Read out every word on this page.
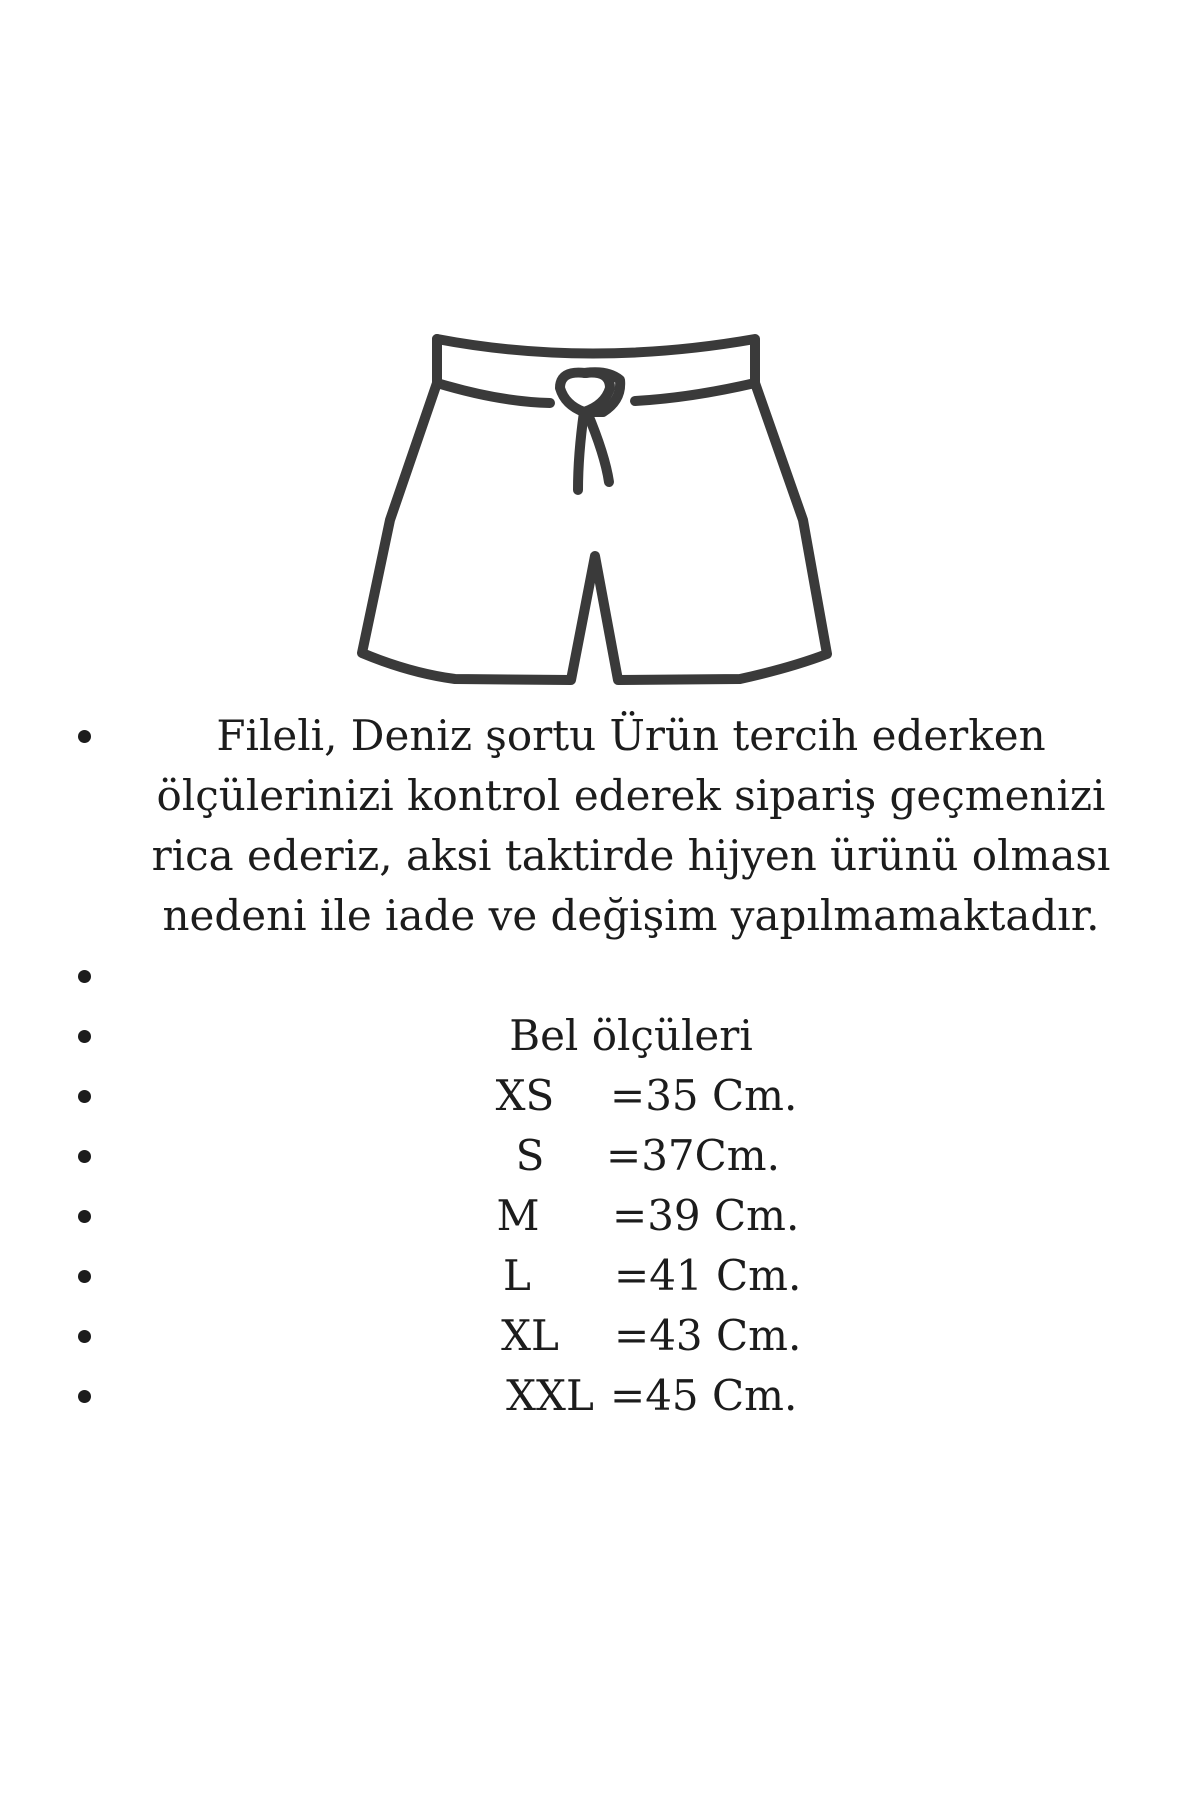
Fileli, Deniz şortu Ürün tercih ederken
ölçülerinizi kontrol ederek sipariş geçmenizi
rica ederiz, aksi taktirde hijyen ürünü olması
nedeni ile iade ve değişim yapılmamaktadır.
Bel ölçüleri
XS =35 Cm.
S =37Cm.
M =39 Cm.
L =41 Cm.
XL =43 Cm.
XXL =45 Cm.
